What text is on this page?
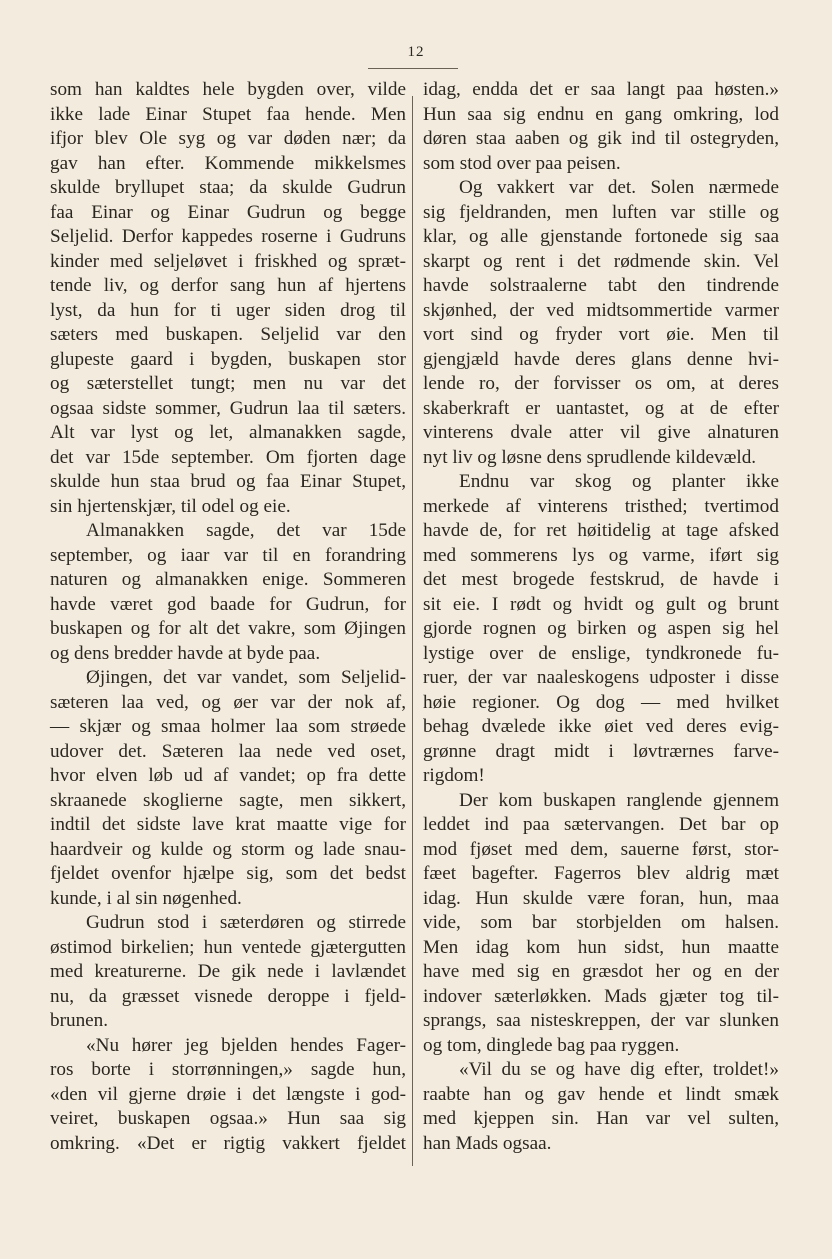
12
som han kaldtes hele bygden over, vilde
ikke lade Einar Stupet faa hende. Men
ifjor blev Ole syg og var døden nær; da
gav han efter. Kommende mikkelsmes
skulde bryllupet staa; da skulde Gudrun
faa Einar og Einar Gudrun og begge
Seljelid. Derfor kappedes roserne i Gudruns
kinder med seljeløvet i friskhed og spræt-
tende liv, og derfor sang hun af hjertens
lyst, da hun for ti uger siden drog til
sæters med buskapen. Seljelid var den
glupeste gaard i bygden, buskapen stor
og sæterstellet tungt; men nu var det
ogsaa sidste sommer, Gudrun laa til sæters.
Alt var lyst og let, almanakken sagde,
det var 15de september. Om fjorten dage
skulde hun staa brud og faa Einar Stupet,
sin hjertenskjær, til odel og eie.
Almanakken sagde, det var 15de
september, og iaar var til en forandring
naturen og almanakken enige. Sommeren
havde været god baade for Gudrun, for
buskapen og for alt det vakre, som Øjingen
og dens bredder havde at byde paa.
Øjingen, det var vandet, som Seljelid-
sæteren laa ved, og øer var der nok af,
— skjær og smaa holmer laa som strøede
udover det. Sæteren laa nede ved oset,
hvor elven løb ud af vandet; op fra dette
skraanede skoglierne sagte, men sikkert,
indtil det sidste lave krat maatte vige for
haardveir og kulde og storm og lade snau-
fjeldet ovenfor hjælpe sig, som det bedst
kunde, i al sin nøgenhed.
Gudrun stod i sæterdøren og stirrede
østimod birkelien; hun ventede gjætergutten
med kreaturerne. De gik nede i lavlændet
nu, da græsset visnede deroppe i fjeld-
brunen.
«Nu hører jeg bjelden hendes Fager-
ros borte i storrønningen,» sagde hun,
«den vil gjerne drøie i det længste i god-
veiret, buskapen ogsaa.» Hun saa sig
omkring. «Det er rigtig vakkert fjeldet
idag, endda det er saa langt paa høsten.»
Hun saa sig endnu en gang omkring, lod
døren staa aaben og gik ind til ostegryden,
som stod over paa peisen.
Og vakkert var det. Solen nærmede
sig fjeldranden, men luften var stille og
klar, og alle gjenstande fortonede sig saa
skarpt og rent i det rødmende skin. Vel
havde solstraalerne tabt den tindrende
skjønhed, der ved midtsommertide varmer
vort sind og fryder vort øie. Men til
gjengjæld havde deres glans denne hvi-
lende ro, der forvisser os om, at deres
skaberkraft er uantastet, og at de efter
vinterens dvale atter vil give alnaturen
nyt liv og løsne dens sprudlende kildevæld.
Endnu var skog og planter ikke
merkede af vinterens tristhed; tvertimod
havde de, for ret høitidelig at tage afsked
med sommerens lys og varme, iført sig
det mest brogede festskrud, de havde i
sit eie. I rødt og hvidt og gult og brunt
gjorde rognen og birken og aspen sig hel
lystige over de enslige, tyndkronede fu-
ruer, der var naaleskogens udposter i disse
høie regioner. Og dog — med hvilket
behag dvælede ikke øiet ved deres evig-
grønne dragt midt i løvtrærnes farve-
rigdom!
Der kom buskapen ranglende gjennem
leddet ind paa sætervangen. Det bar op
mod fjøset med dem, sauerne først, stor-
fæet bagefter. Fagerros blev aldrig mæt
idag. Hun skulde være foran, hun, maa
vide, som bar storbjelden om halsen.
Men idag kom hun sidst, hun maatte
have med sig en græsdot her og en der
indover sæterløkken. Mads gjæter tog til-
sprangs, saa nisteskreppen, der var slunken
og tom, dinglede bag paa ryggen.
«Vil du se og have dig efter, troldet!»
raabte han og gav hende et lindt smæk
med kjeppen sin. Han var vel sulten,
han Mads ogsaa.
